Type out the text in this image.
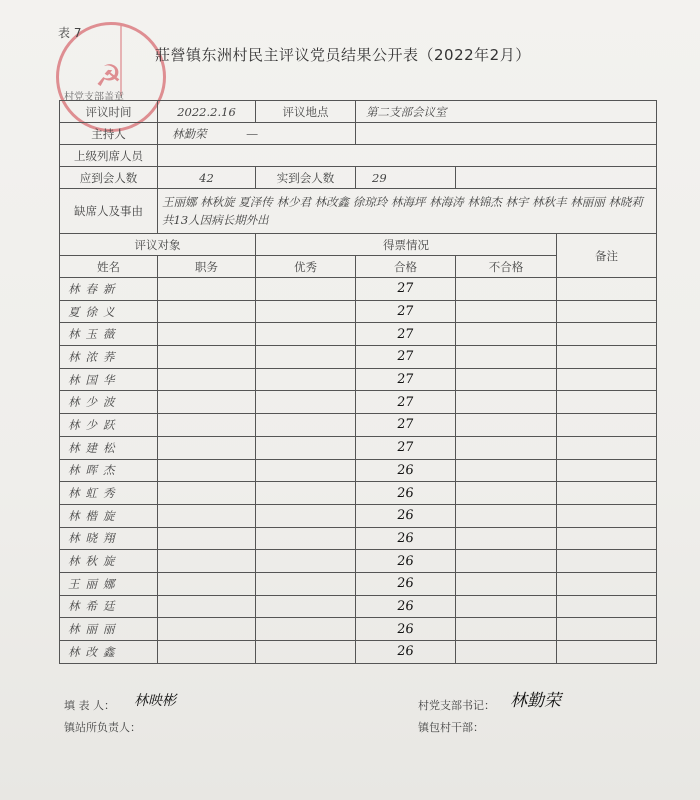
☭
表 7
莊營镇东洲村民主评议党员结果公开表（2022年2月）
村党支部盖章
评议时间	2022.2.16	评议地点	第二支部会议室		
主持人	林勤荣 —				
上级列席人员					
应到会人数	42	实到会人数	29		
缺席人及事由	王丽娜 林秋旋 夏泽传 林少君 林改鑫 徐琼玲 林海坪 林海涛 林锦杰 林宇 林秋丰 林丽丽 林晓莉 共13人因病长期外出				
评议对象		得票情况			备注
姓名	职务	优秀	合格	不合格	
林春新			27		
夏徐义			27		
林玉薇			27		
林浓荞			27		
林国华			27		
林少波			27		
林少跃			27		
林建松			27		
林晖杰			26		
林虹秀			26		
林楷旋			26		
林晓翔			26		
林秋旋			26		
王丽娜			26		
林希廷			26		
林丽丽			26		
林改鑫			26		
填 表 人： 林映彬
镇站所负责人：
村党支部书记： 林勤荣
镇包村干部：
